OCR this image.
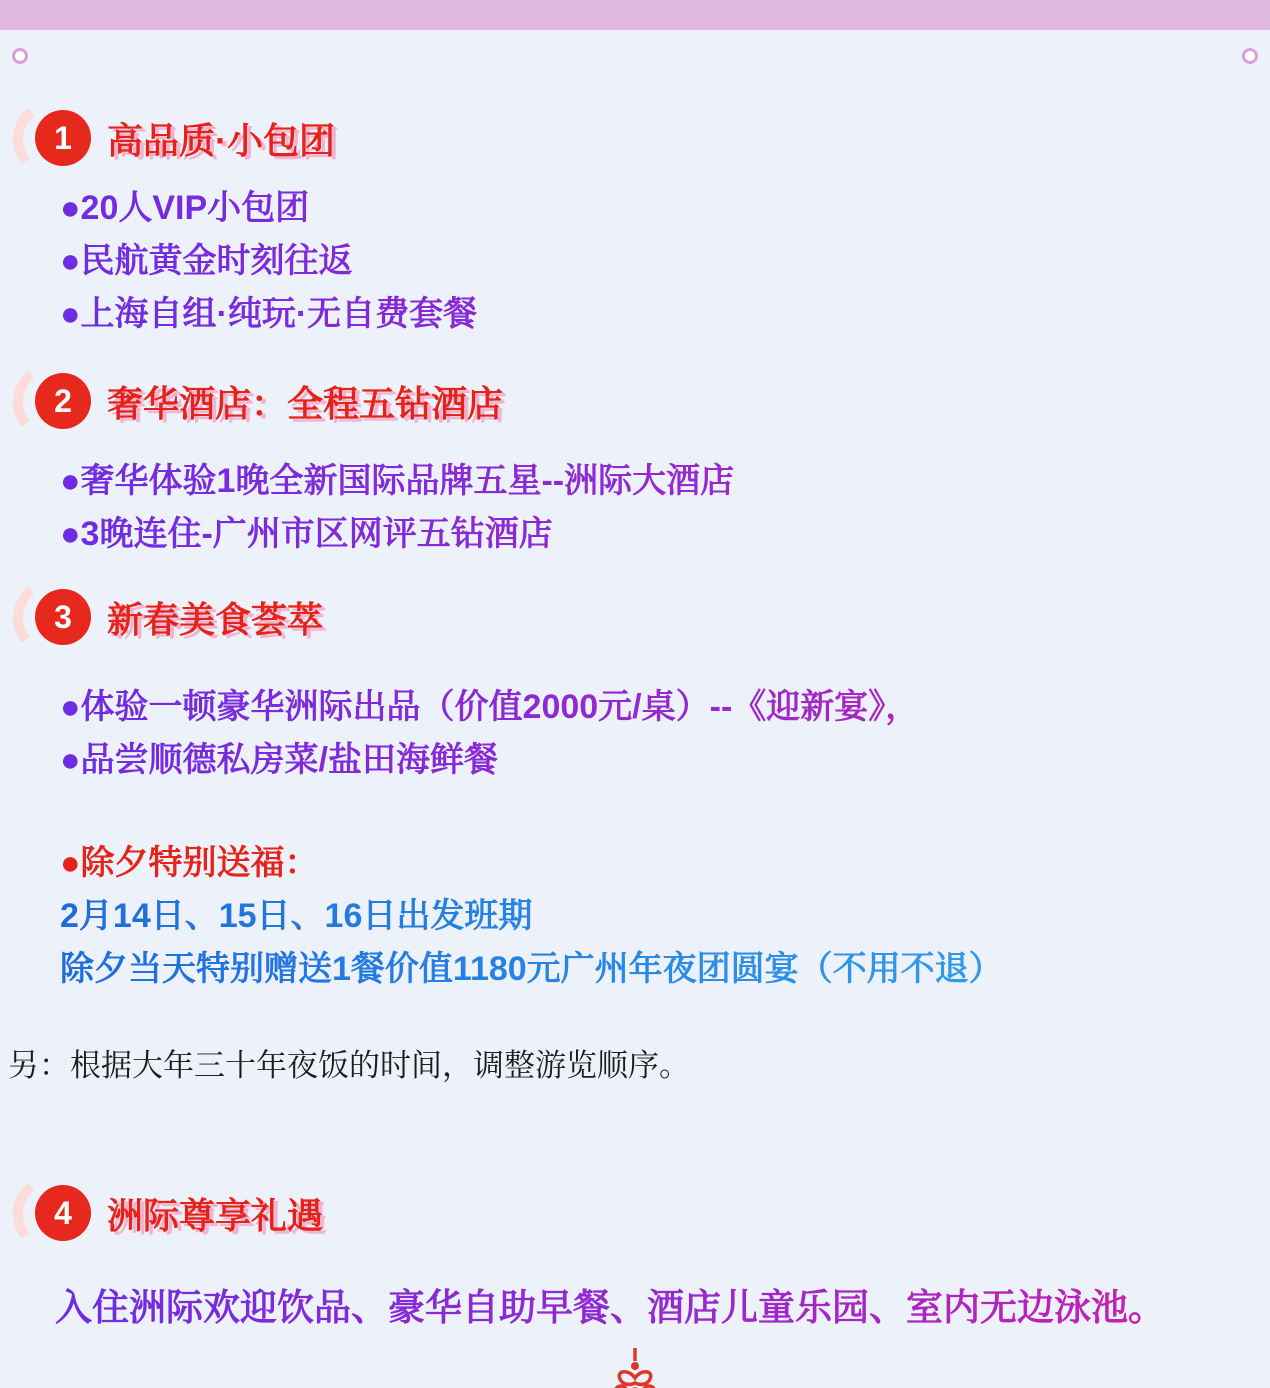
1 高品质·小包团

●20人VIP小包团

●民航黄金时刻往返

●上海自组·纯玩·无自费套餐

2 奢华酒店：全程五钻酒店

●奢华体验1晚全新国际品牌五星--洲际大酒店

●3晚连住-广州市区网评五钻酒店

3 新春美食荟萃

●体验一顿豪华洲际出品（价值2000元/桌）--《迎新宴》，

●品尝顺德私房菜/盐田海鲜餐

●除夕特别送福：

2月14日、15日、16日出发班期

除夕当天特别赠送1餐价值1180元广州年夜团圆宴（不用不退）

另：根据大年三十年夜饭的时间，调整游览顺序。

4 洲际尊享礼遇

入住洲际欢迎饮品、豪华自助早餐、酒店儿童乐园、室内无边泳池。
